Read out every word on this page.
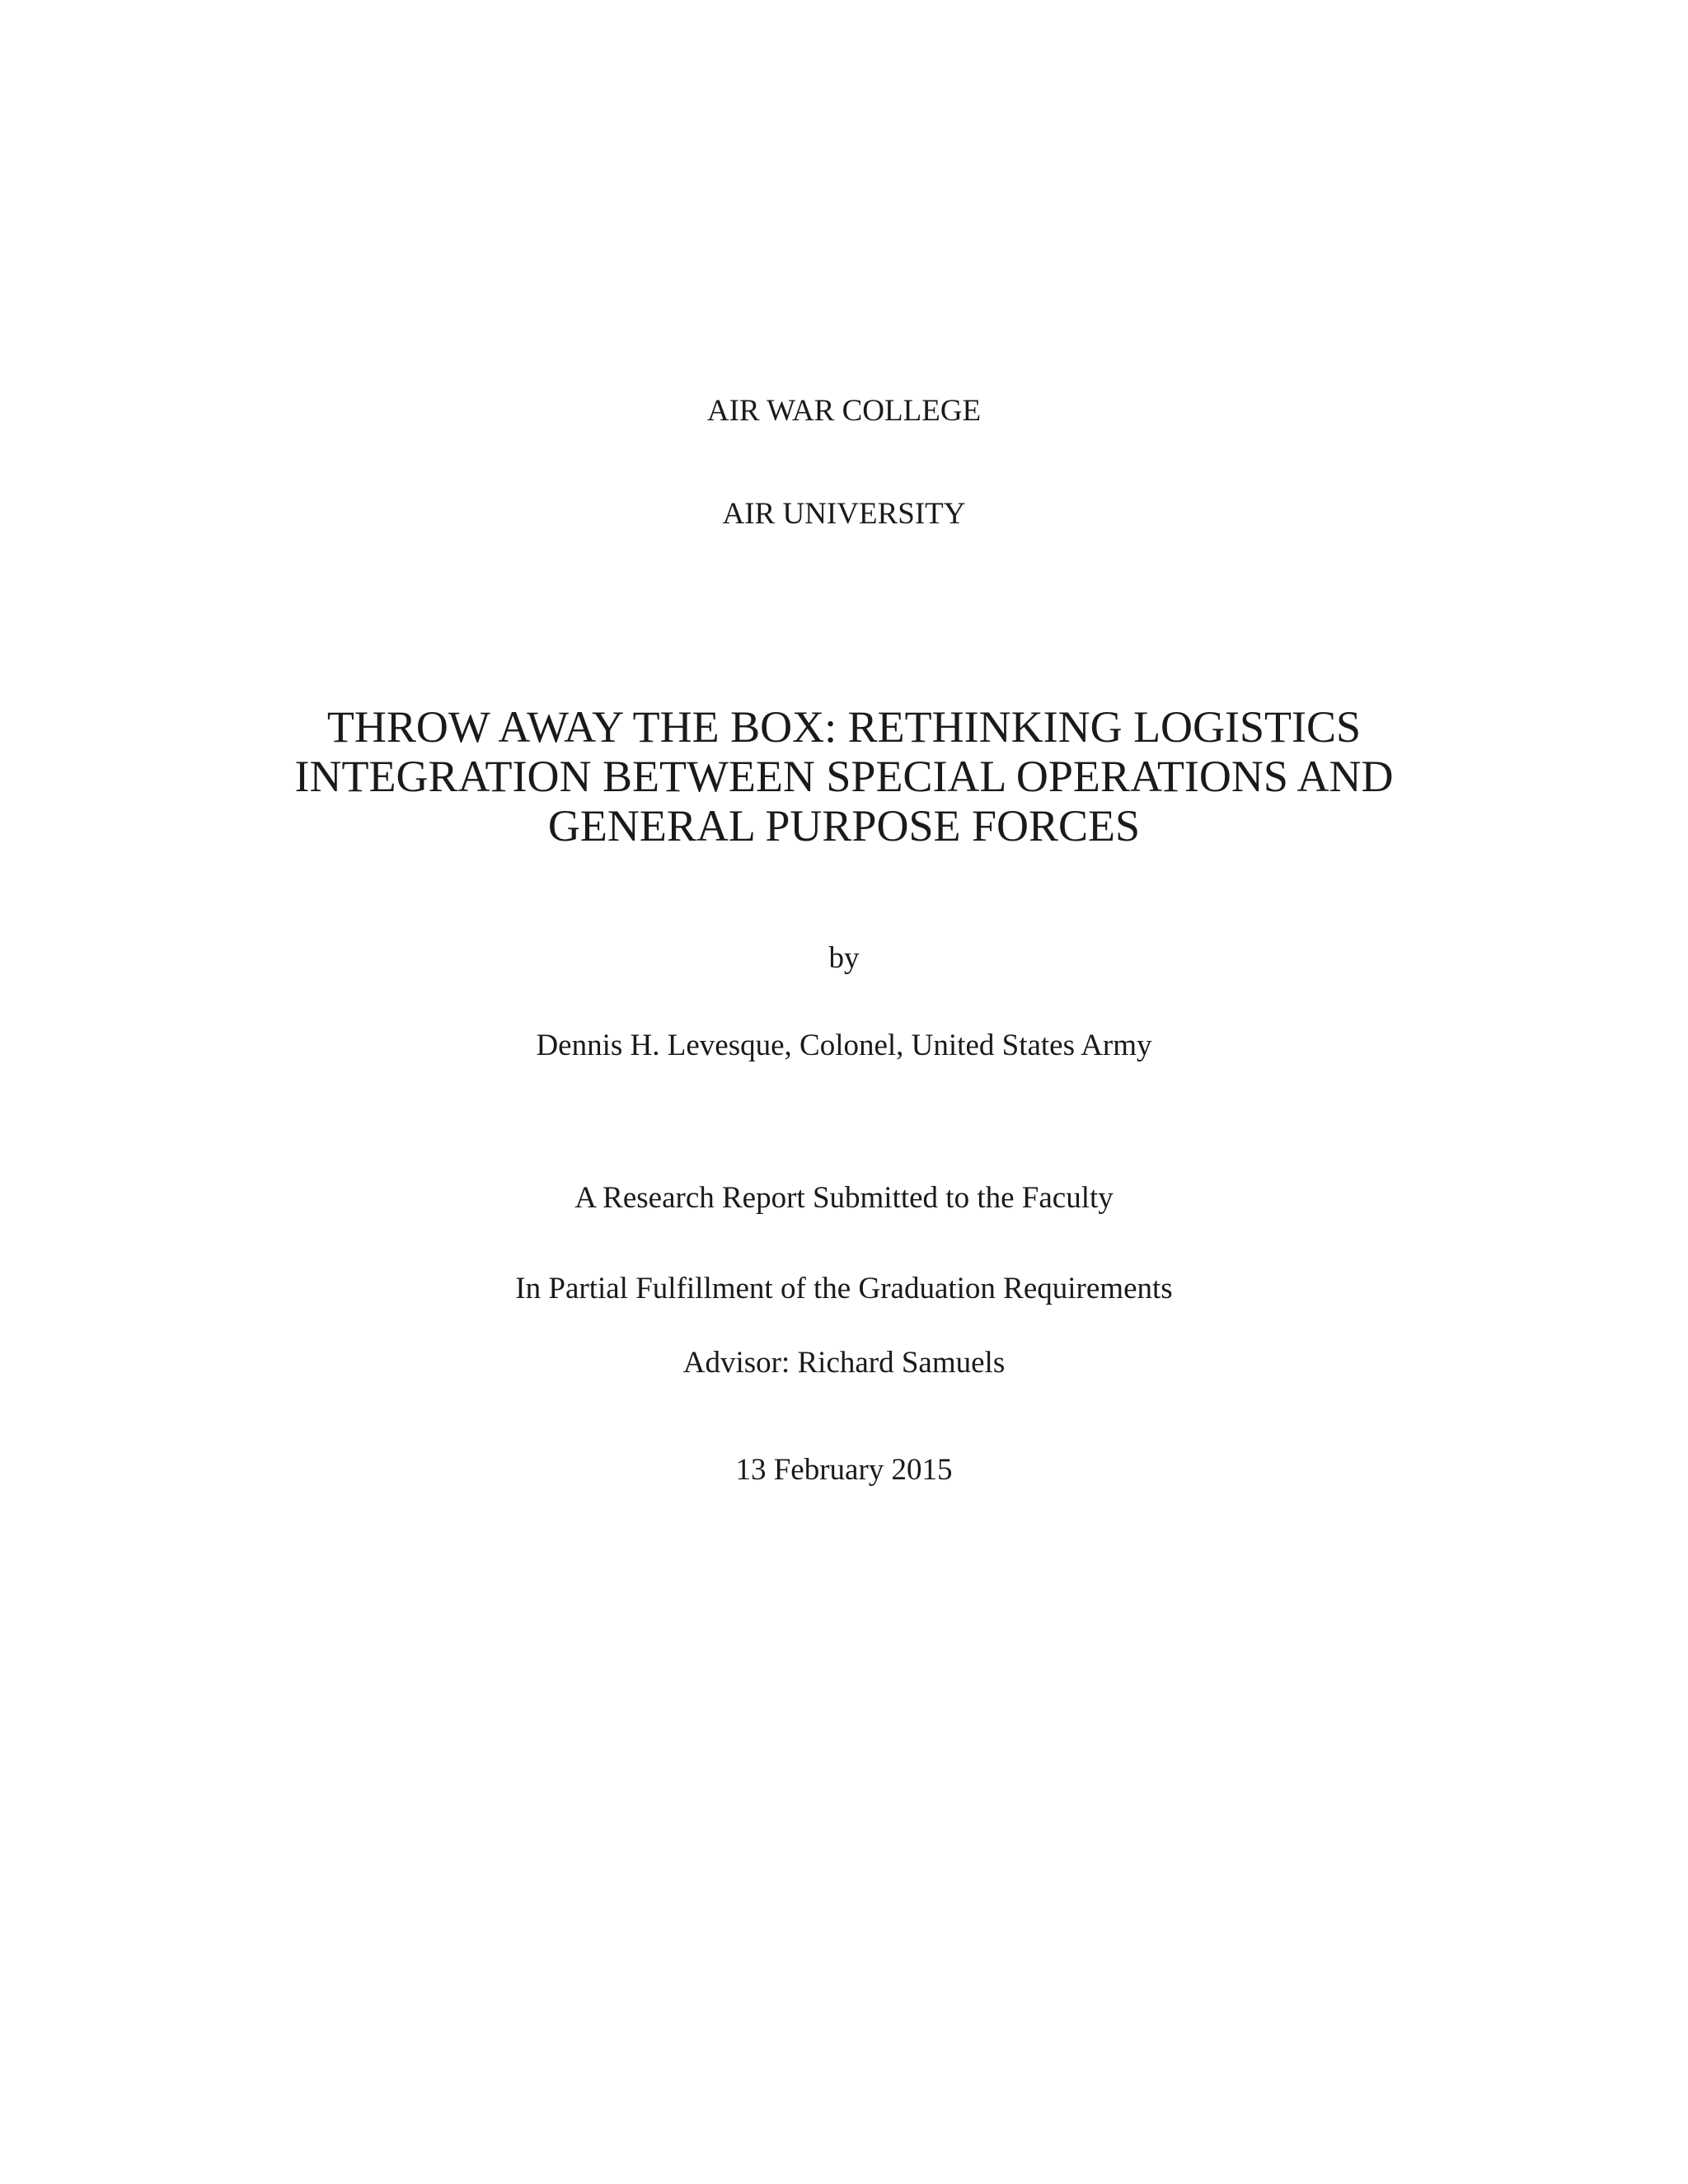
AIR WAR COLLEGE
AIR UNIVERSITY
THROW AWAY THE BOX: RETHINKING LOGISTICS
INTEGRATION BETWEEN SPECIAL OPERATIONS AND
GENERAL PURPOSE FORCES
by
Dennis H. Levesque, Colonel, United States Army
A Research Report Submitted to the Faculty
In Partial Fulfillment of the Graduation Requirements
Advisor: Richard Samuels
13 February 2015
